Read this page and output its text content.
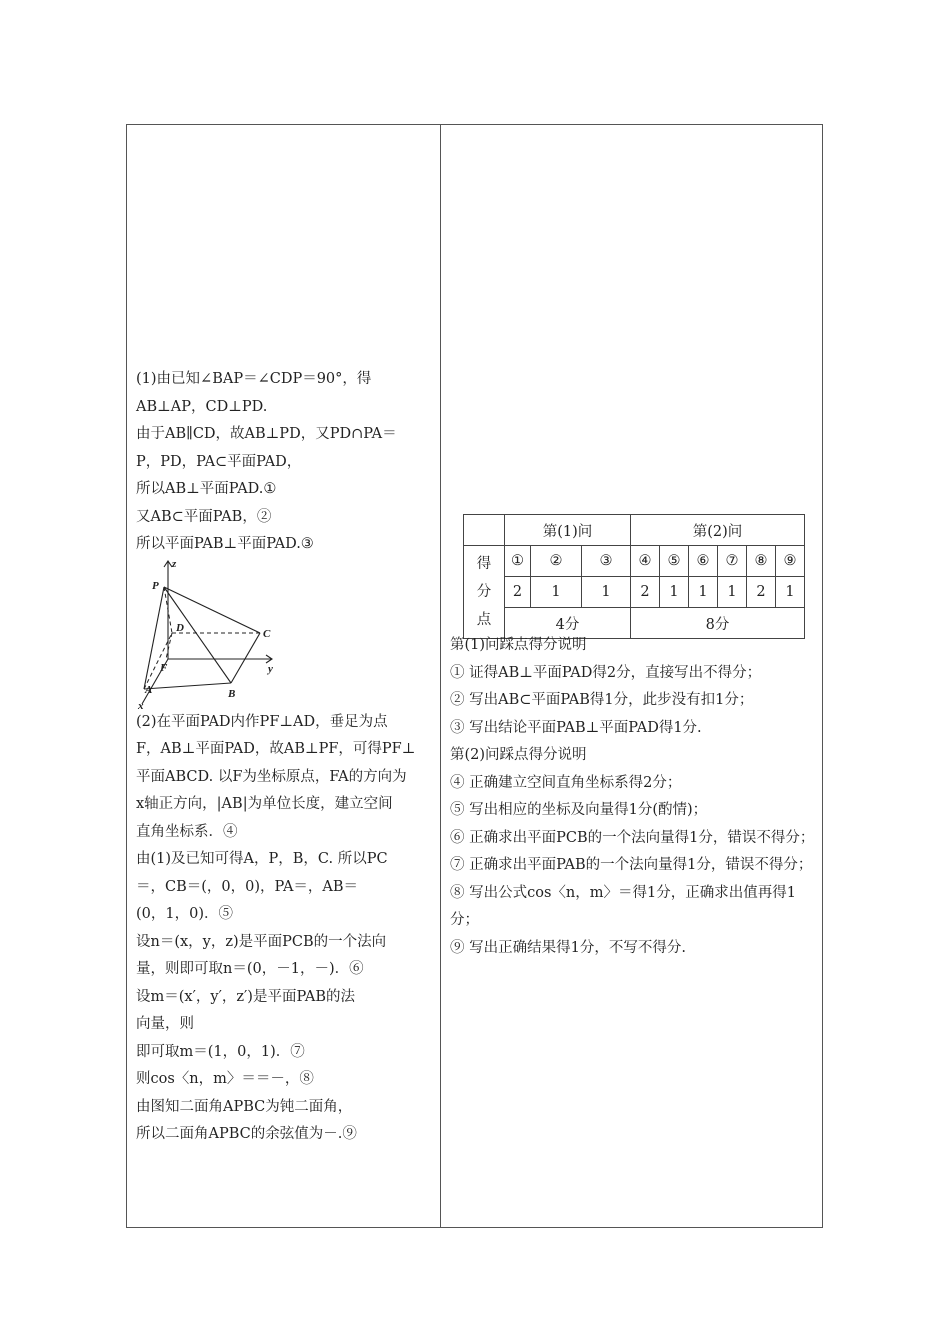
(1)由已知∠BAP＝∠CDP＝90°，得
AB⊥AP，CD⊥PD.
由于AB∥CD，故AB⊥PD，又PD∩PA＝
P，PD，PA⊂平面PAD，
所以AB⊥平面PAD.①
又AB⊂平面PAB，②
所以平面PAB⊥平面PAD.③
z
P
D	C
F	y
A	B
x
(2)在平面PAD内作PF⊥AD，垂足为点
F，AB⊥平面PAD，故AB⊥PF，可得PF⊥
平面ABCD. 以F为坐标原点，FA的方向为
x轴正方向，|AB|为单位长度，建立空间
直角坐标系．④
由(1)及已知可得A，P，B，C. 所以PC
＝，CB＝(，0，0)，PA＝，AB＝
(0，1，0)．⑤
设n＝(x，y，z)是平面PCB的一个法向
量，则即可取n＝(0，－1，－)．⑥
设m＝(x′，y′，z′)是平面PAB的法
向量，则
即可取m＝(1，0，1)．⑦
则cos〈n，m〉＝＝－，⑧
由图知二面角APBC为钝二面角，
所以二面角APBC的余弦值为－.⑨
	第(1)问			第(2)问					

得
分
点	①	②	③	④	⑤	⑥	⑦	⑧	⑨
	2	1	1	2	1	1	1	2	1
	4分			8分					
第(1)问踩点得分说明
① 证得AB⊥平面PAD得2分，直接写出不得分；
② 写出AB⊂平面PAB得1分，此步没有扣1分；
③ 写出结论平面PAB⊥平面PAD得1分.
第(2)问踩点得分说明
④ 正确建立空间直角坐标系得2分；
⑤ 写出相应的坐标及向量得1分(酌情)；
⑥ 正确求出平面PCB的一个法向量得1分，错误不得分；
⑦ 正确求出平面PAB的一个法向量得1分，错误不得分；
⑧ 写出公式cos〈n，m〉＝得1分，正确求出值再得1分；
⑨ 写出正确结果得1分，不写不得分.
